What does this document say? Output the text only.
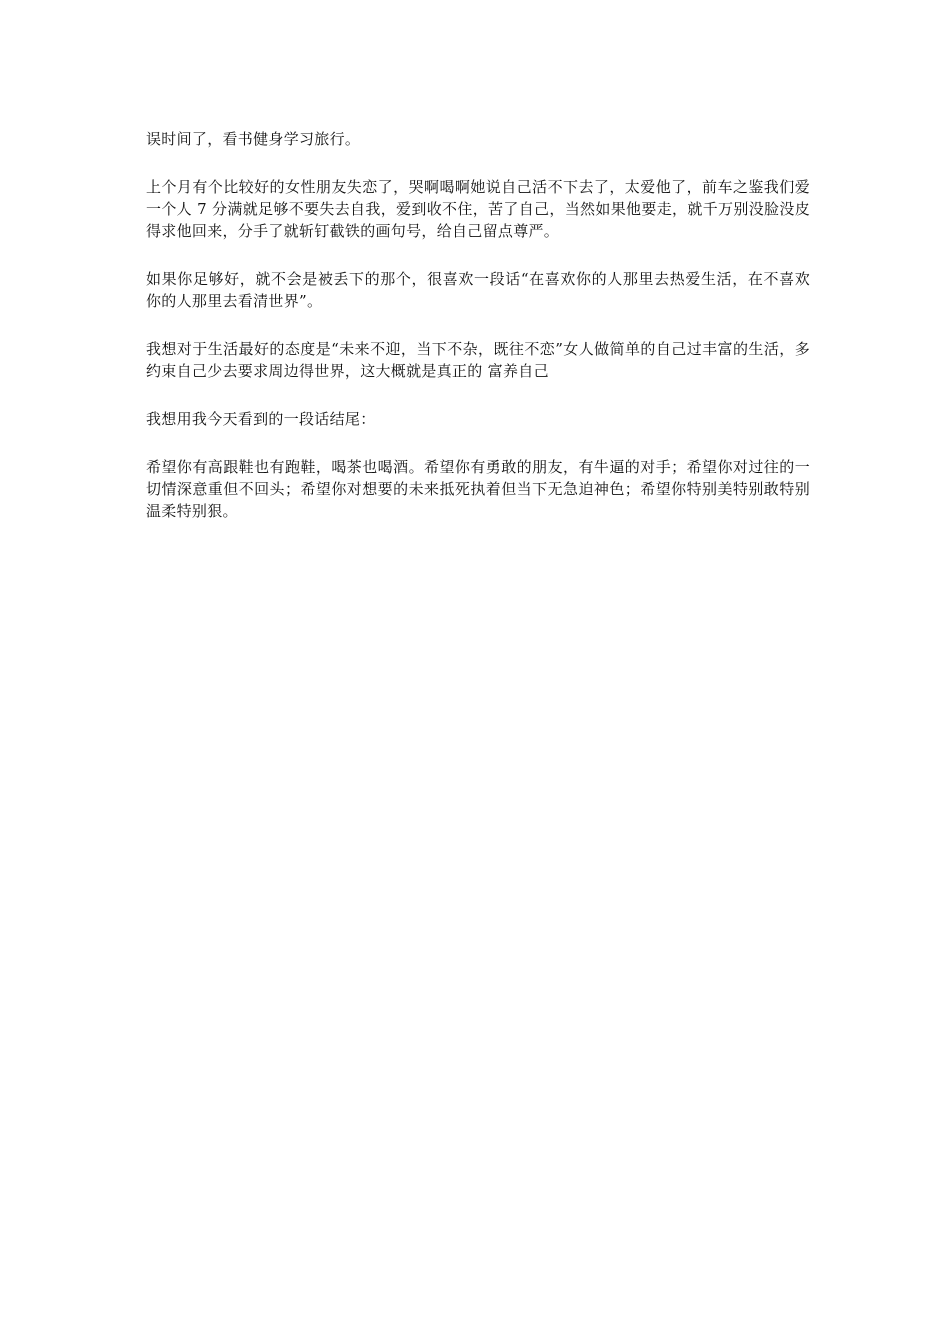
误时间了，看书健身学习旅行。

上个月有个比较好的女性朋友失恋了，哭啊喝啊她说自己活不下去了，太爱他了，前车之鉴我们爱一个人 7 分满就足够不要失去自我，爱到收不住，苦了自己，当然如果他要走，就千万别没脸没皮得求他回来，分手了就斩钉截铁的画句号，给自己留点尊严。

如果你足够好，就不会是被丢下的那个，很喜欢一段话“在喜欢你的人那里去热爱生活，在不喜欢你的人那里去看清世界”。

我想对于生活最好的态度是“未来不迎，当下不杂，既往不恋”女人做简单的自己过丰富的生活，多约束自己少去要求周边得世界，这大概就是真正的 富养自己

我想用我今天看到的一段话结尾：

希望你有高跟鞋也有跑鞋，喝茶也喝酒。希望你有勇敢的朋友，有牛逼的对手；希望你对过往的一切情深意重但不回头；希望你对想要的未来抵死执着但当下无急迫神色；希望你特别美特别敢特别温柔特别狠。
